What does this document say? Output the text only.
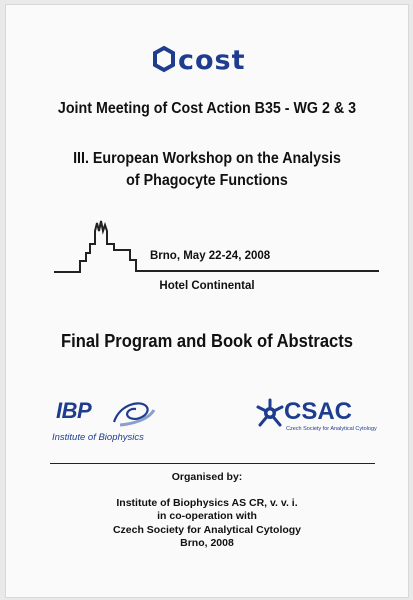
cost
Joint Meeting of Cost Action B35 - WG 2 & 3
III. European Workshop on the Analysis
of Phagocyte Functions
Brno, May 22-24, 2008
Hotel Continental
Final Program and Book of Abstracts
IBP
Institute of Biophysics
CSAC
Czech Society for Analytical Cytology
Organised by:
Institute of Biophysics AS CR, v. v. i.
in co-operation with
Czech Society for Analytical Cytology
Brno, 2008
